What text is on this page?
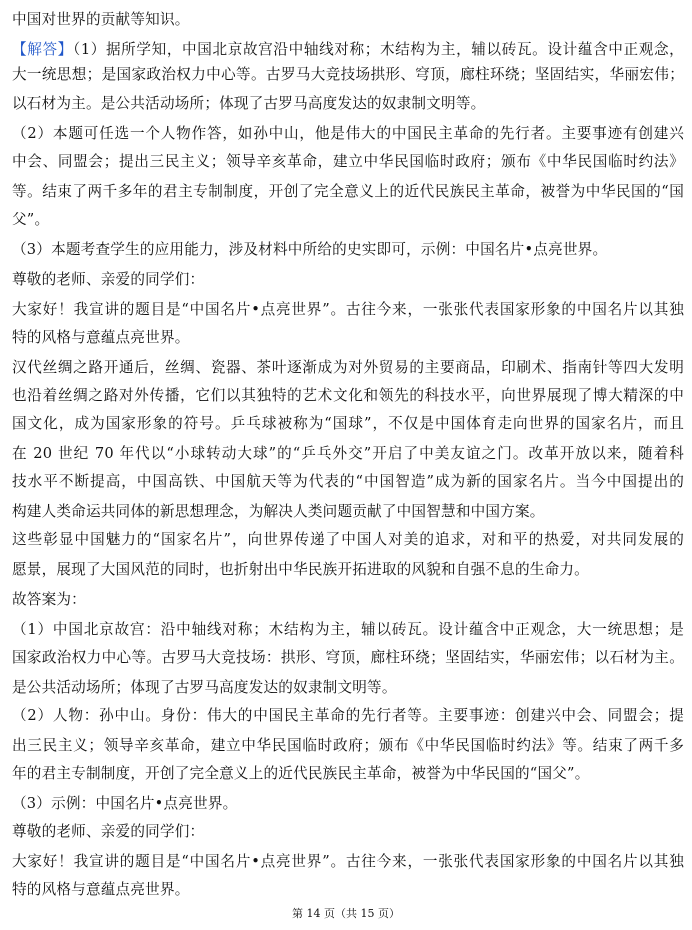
中国对世界的贡献等知识。
【解答】（1）据所学知，中国北京故宫沿中轴线对称；木结构为主，辅以砖瓦。设计蕴含中正观念，
大一统思想；是国家政治权力中心等。古罗马大竞技场拱形、穹顶，廊柱环绕；坚固结实，华丽宏伟；
以石材为主。是公共活动场所；体现了古罗马高度发达的奴隶制文明等。
（2）本题可任选一个人物作答，如孙中山，他是伟大的中国民主革命的先行者。主要事迹有创建兴
中会、同盟会；提出三民主义；领导辛亥革命，建立中华民国临时政府；颁布《中华民国临时约法》
等。结束了两千多年的君主专制制度，开创了完全意义上的近代民族民主革命，被誉为中华民国的“国
父”。
（3）本题考查学生的应用能力，涉及材料中所给的史实即可，示例：中国名片•点亮世界。
尊敬的老师、亲爱的同学们：
大家好！我宣讲的题目是“中国名片•点亮世界”。古往今来，一张张代表国家形象的中国名片以其独
特的风格与意蕴点亮世界。
汉代丝绸之路开通后，丝绸、瓷器、茶叶逐渐成为对外贸易的主要商品，印刷术、指南针等四大发明
也沿着丝绸之路对外传播，它们以其独特的艺术文化和领先的科技水平，向世界展现了博大精深的中
国文化，成为国家形象的符号。乒乓球被称为“国球”，不仅是中国体育走向世界的国家名片，而且
在 20 世纪 70 年代以“小球转动大球”的“乒乓外交”开启了中美友谊之门。改革开放以来，随着科
技水平不断提高，中国高铁、中国航天等为代表的“中国智造”成为新的国家名片。当今中国提出的
构建人类命运共同体的新思想理念，为解决人类问题贡献了中国智慧和中国方案。
这些彰显中国魅力的“国家名片”，向世界传递了中国人对美的追求，对和平的热爱，对共同发展的
愿景，展现了大国风范的同时，也折射出中华民族开拓进取的风貌和自强不息的生命力。
故答案为：
（1）中国北京故宫：沿中轴线对称；木结构为主，辅以砖瓦。设计蕴含中正观念，大一统思想；是
国家政治权力中心等。古罗马大竞技场：拱形、穹顶，廊柱环绕；坚固结实，华丽宏伟；以石材为主。
是公共活动场所；体现了古罗马高度发达的奴隶制文明等。
（2）人物：孙中山。身份：伟大的中国民主革命的先行者等。主要事迹：创建兴中会、同盟会；提
出三民主义；领导辛亥革命，建立中华民国临时政府；颁布《中华民国临时约法》等。结束了两千多
年的君主专制制度，开创了完全意义上的近代民族民主革命，被誉为中华民国的“国父”。
（3）示例：中国名片•点亮世界。
尊敬的老师、亲爱的同学们：
大家好！我宣讲的题目是“中国名片•点亮世界”。古往今来，一张张代表国家形象的中国名片以其独
特的风格与意蕴点亮世界。
第 14 页（共 15 页）
